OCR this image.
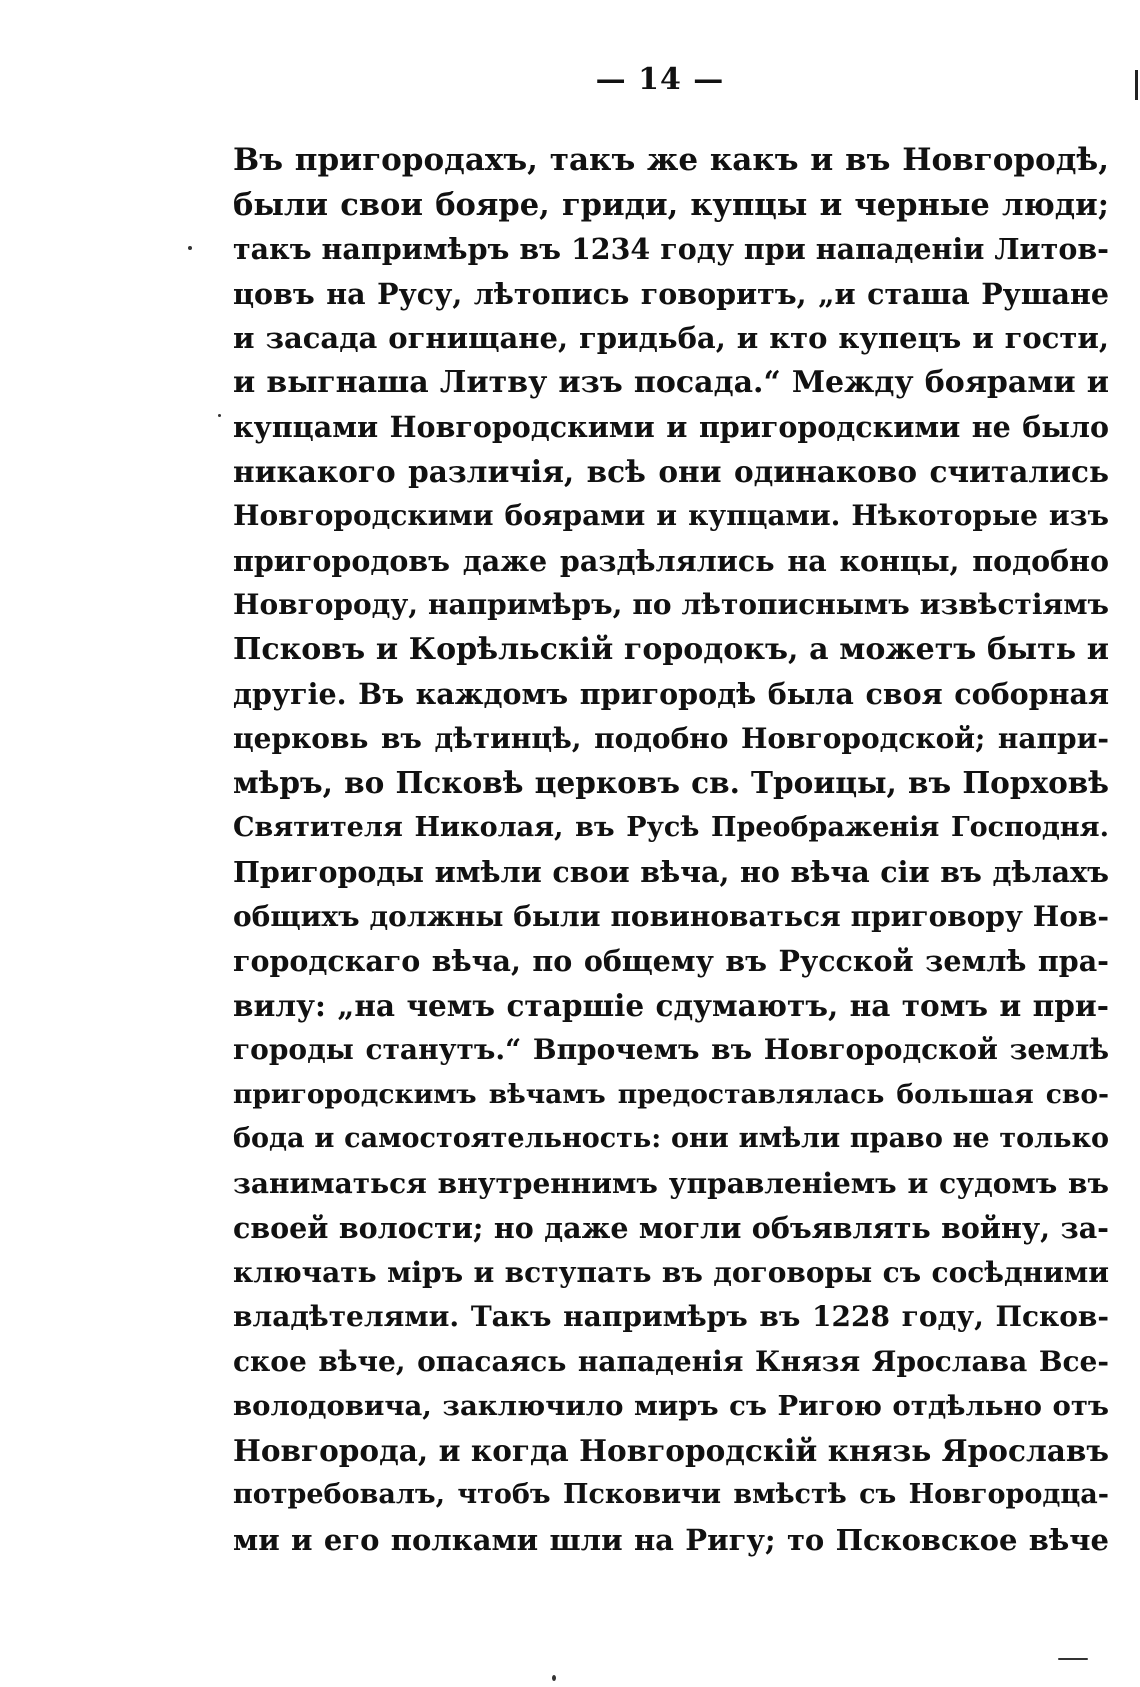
— 14 —
Въ пригородахъ, такъ же какъ и въ Новгородѣ,
были свои бояре, гриди, купцы и черные люди;
такъ напримѣръ въ 1234 году при нападеніи Литов-
цовъ на Русу, лѣтопись говоритъ, „и сташа Рушане
и засада огнищане, гридьба, и кто купецъ и гости,
и выгнаша Литву изъ посада.“ Между боярами и
купцами Новгородскими и пригородскими не было
никакого различія, всѣ они одинаково считались
Новгородскими боярами и купцами. Нѣкоторые изъ
пригородовъ даже раздѣлялись на концы, подобно
Новгороду, напримѣръ, по лѣтописнымъ извѣстіямъ
Псковъ и Корѣльскій городокъ, а можетъ быть и
другіе. Въ каждомъ пригородѣ была своя соборная
церковь въ дѣтинцѣ, подобно Новгородской; напри-
мѣръ, во Псковѣ церковъ св. Троицы, въ Порховѣ
Святителя Николая, въ Русѣ Преображенія Господня.
Пригороды имѣли свои вѣча, но вѣча сіи въ дѣлахъ
общихъ должны были повиноваться приговору Нов-
городскаго вѣча, по общему въ Русской землѣ пра-
вилу: „на чемъ старшіе сдумаютъ, на томъ и при-
городы станутъ.“ Впрочемъ въ Новгородской землѣ
пригородскимъ вѣчамъ предоставлялась большая сво-
бода и самостоятельность: они имѣли право не только
заниматься внутреннимъ управленіемъ и судомъ въ
своей волости; но даже могли объявлять войну, за-
ключать міръ и вступать въ договоры съ сосѣдними
владѣтелями. Такъ напримѣръ въ 1228 году, Псков-
ское вѣче, опасаясь нападенія Князя Ярослава Все-
володовича, заключило миръ съ Ригою отдѣльно отъ
Новгорода, и когда Новгородскій князь Ярославъ
потребовалъ, чтобъ Псковичи вмѣстѣ съ Новгородца-
ми и его полками шли на Ригу; то Псковское вѣче
